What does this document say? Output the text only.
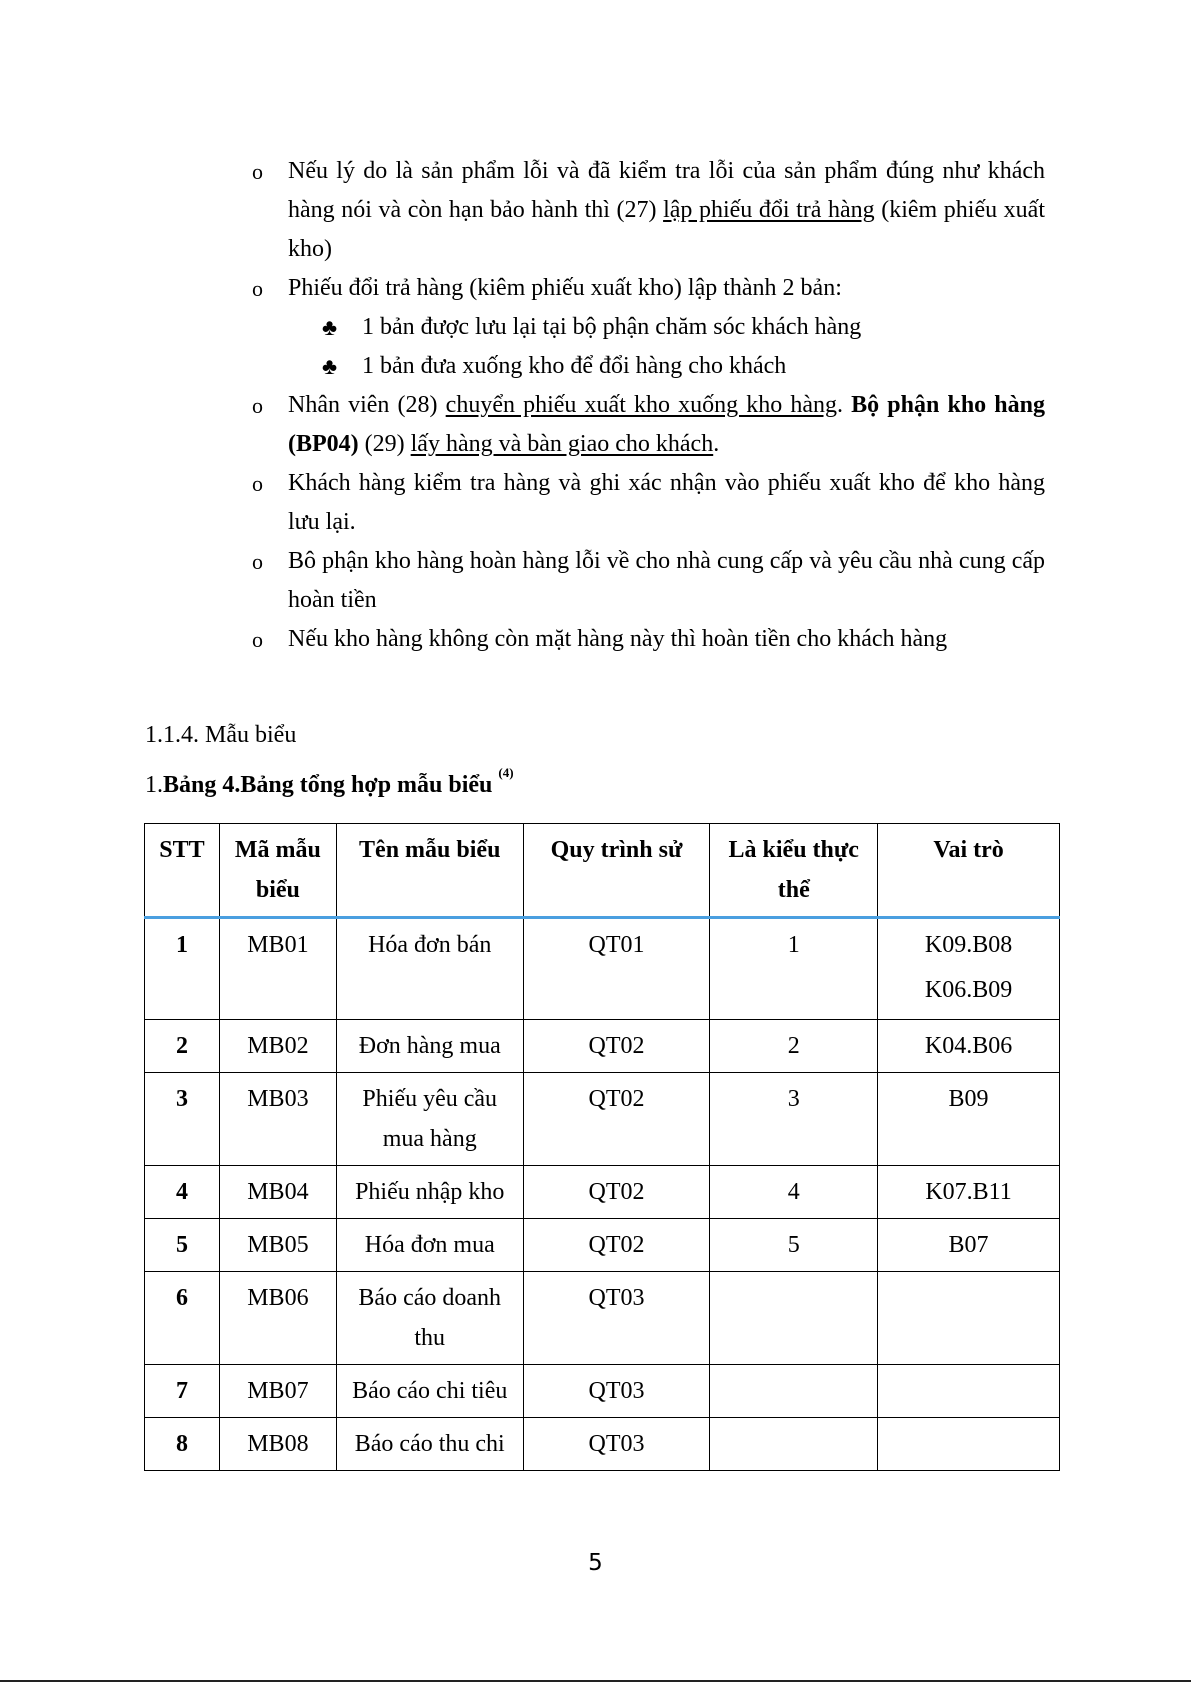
o Nếu lý do là sản phẩm lỗi và đã kiểm tra lỗi của sản phẩm đúng như khách hàng nói và còn hạn bảo hành thì (27) lập phiếu đổi trả hàng (kiêm phiếu xuất kho)
o Phiếu đổi trả hàng (kiêm phiếu xuất kho) lập thành 2 bản:
♣ 1 bản được lưu lại tại bộ phận chăm sóc khách hàng
♣ 1 bản đưa xuống kho để đổi hàng cho khách
o Nhân viên (28) chuyển phiếu xuất kho xuống kho hàng. Bộ phận kho hàng (BP04) (29) lấy hàng và bàn giao cho khách.
o Khách hàng kiểm tra hàng và ghi xác nhận vào phiếu xuất kho để kho hàng lưu lại.
o Bô phận kho hàng hoàn hàng lỗi về cho nhà cung cấp và yêu cầu nhà cung cấp hoàn tiền
o Nếu kho hàng không còn mặt hàng này thì hoàn tiền cho khách hàng
1.1.4. Mẫu biểu
1.Bảng 4.Bảng tổng hợp mẫu biểu $^{(4)}$
STT	Mã mẫu biểu	Tên mẫu biểu	Quy trình sử	Là kiểu thực thể	Vai trò
1	MB01	Hóa đơn bán	QT01	1	K09.B08
K06.B09

2	MB02	Đơn hàng mua	QT02	2	K04.B06
3	MB03	Phiếu yêu cầu mua hàng	QT02	3	B09
4	MB04	Phiếu nhập kho	QT02	4	K07.B11
5	MB05	Hóa đơn mua	QT02	5	B07
6	MB06	Báo cáo doanh thu	QT03		
7	MB07	Báo cáo chi tiêu	QT03		
8	MB08	Báo cáo thu chi	QT03		
5
